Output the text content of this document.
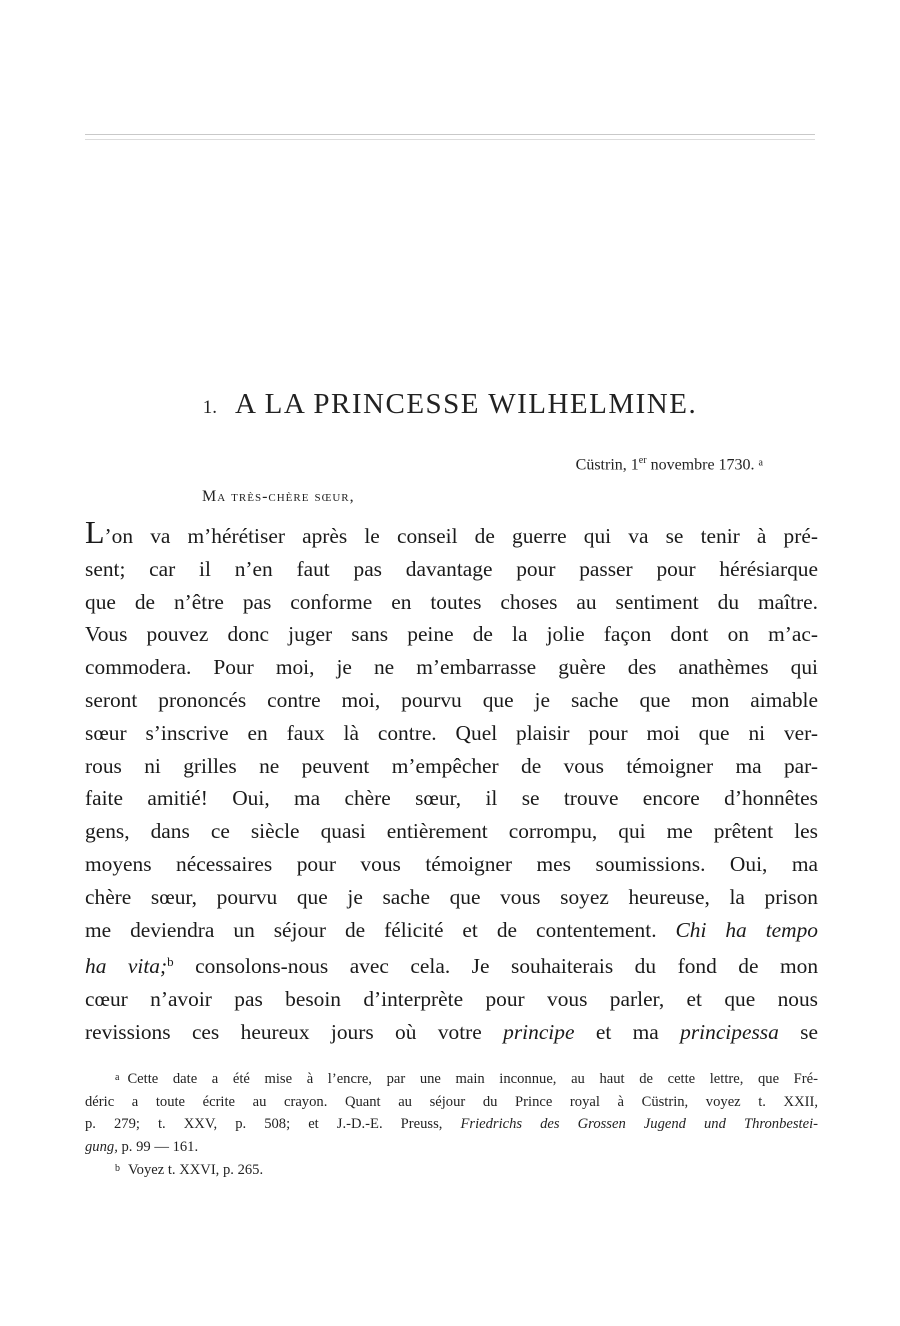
1. A LA PRINCESSE WILHELMINE.
Cüstrin, 1er novembre 1730. $^a$
Ma très-chère sœur,
L’on va m’hérétiser après le conseil de guerre qui va se tenir à pré-
sent; car il n’en faut pas davantage pour passer pour hérésiarque
que de n’être pas conforme en toutes choses au sentiment du maître.
Vous pouvez donc juger sans peine de la jolie façon dont on m’ac-
commodera. Pour moi, je ne m’embarrasse guère des anathèmes qui
seront prononcés contre moi, pourvu que je sache que mon aimable
sœur s’inscrive en faux là contre. Quel plaisir pour moi que ni ver-
rous ni grilles ne peuvent m’empêcher de vous témoigner ma par-
faite amitié! Oui, ma chère sœur, il se trouve encore d’honnêtes
gens, dans ce siècle quasi entièrement corrompu, qui me prêtent les
moyens nécessaires pour vous témoigner mes soumissions. Oui, ma
chère sœur, pourvu que je sache que vous soyez heureuse, la prison
me deviendra un séjour de félicité et de contentement. Chi ha tempo
ha vita;$^b$ consolons-nous avec cela. Je souhaiterais du fond de mon
cœur n’avoir pas besoin d’interprète pour vous parler, et que nous
revissions ces heureux jours où votre principe et ma principessa se
$^a$ Cette date a été mise à l’encre, par une main inconnue, au haut de cette lettre, que Fré-
déric a toute écrite au crayon. Quant au séjour du Prince royal à Cüstrin, voyez t. XXII,
p. 279; t. XXV, p. 508; et J.-D.-E. Preuss, Friedrichs des Grossen Jugend und Thronbestei-
gung, p. 99 — 161.
$^b$ Voyez t. XXVI, p. 265.
